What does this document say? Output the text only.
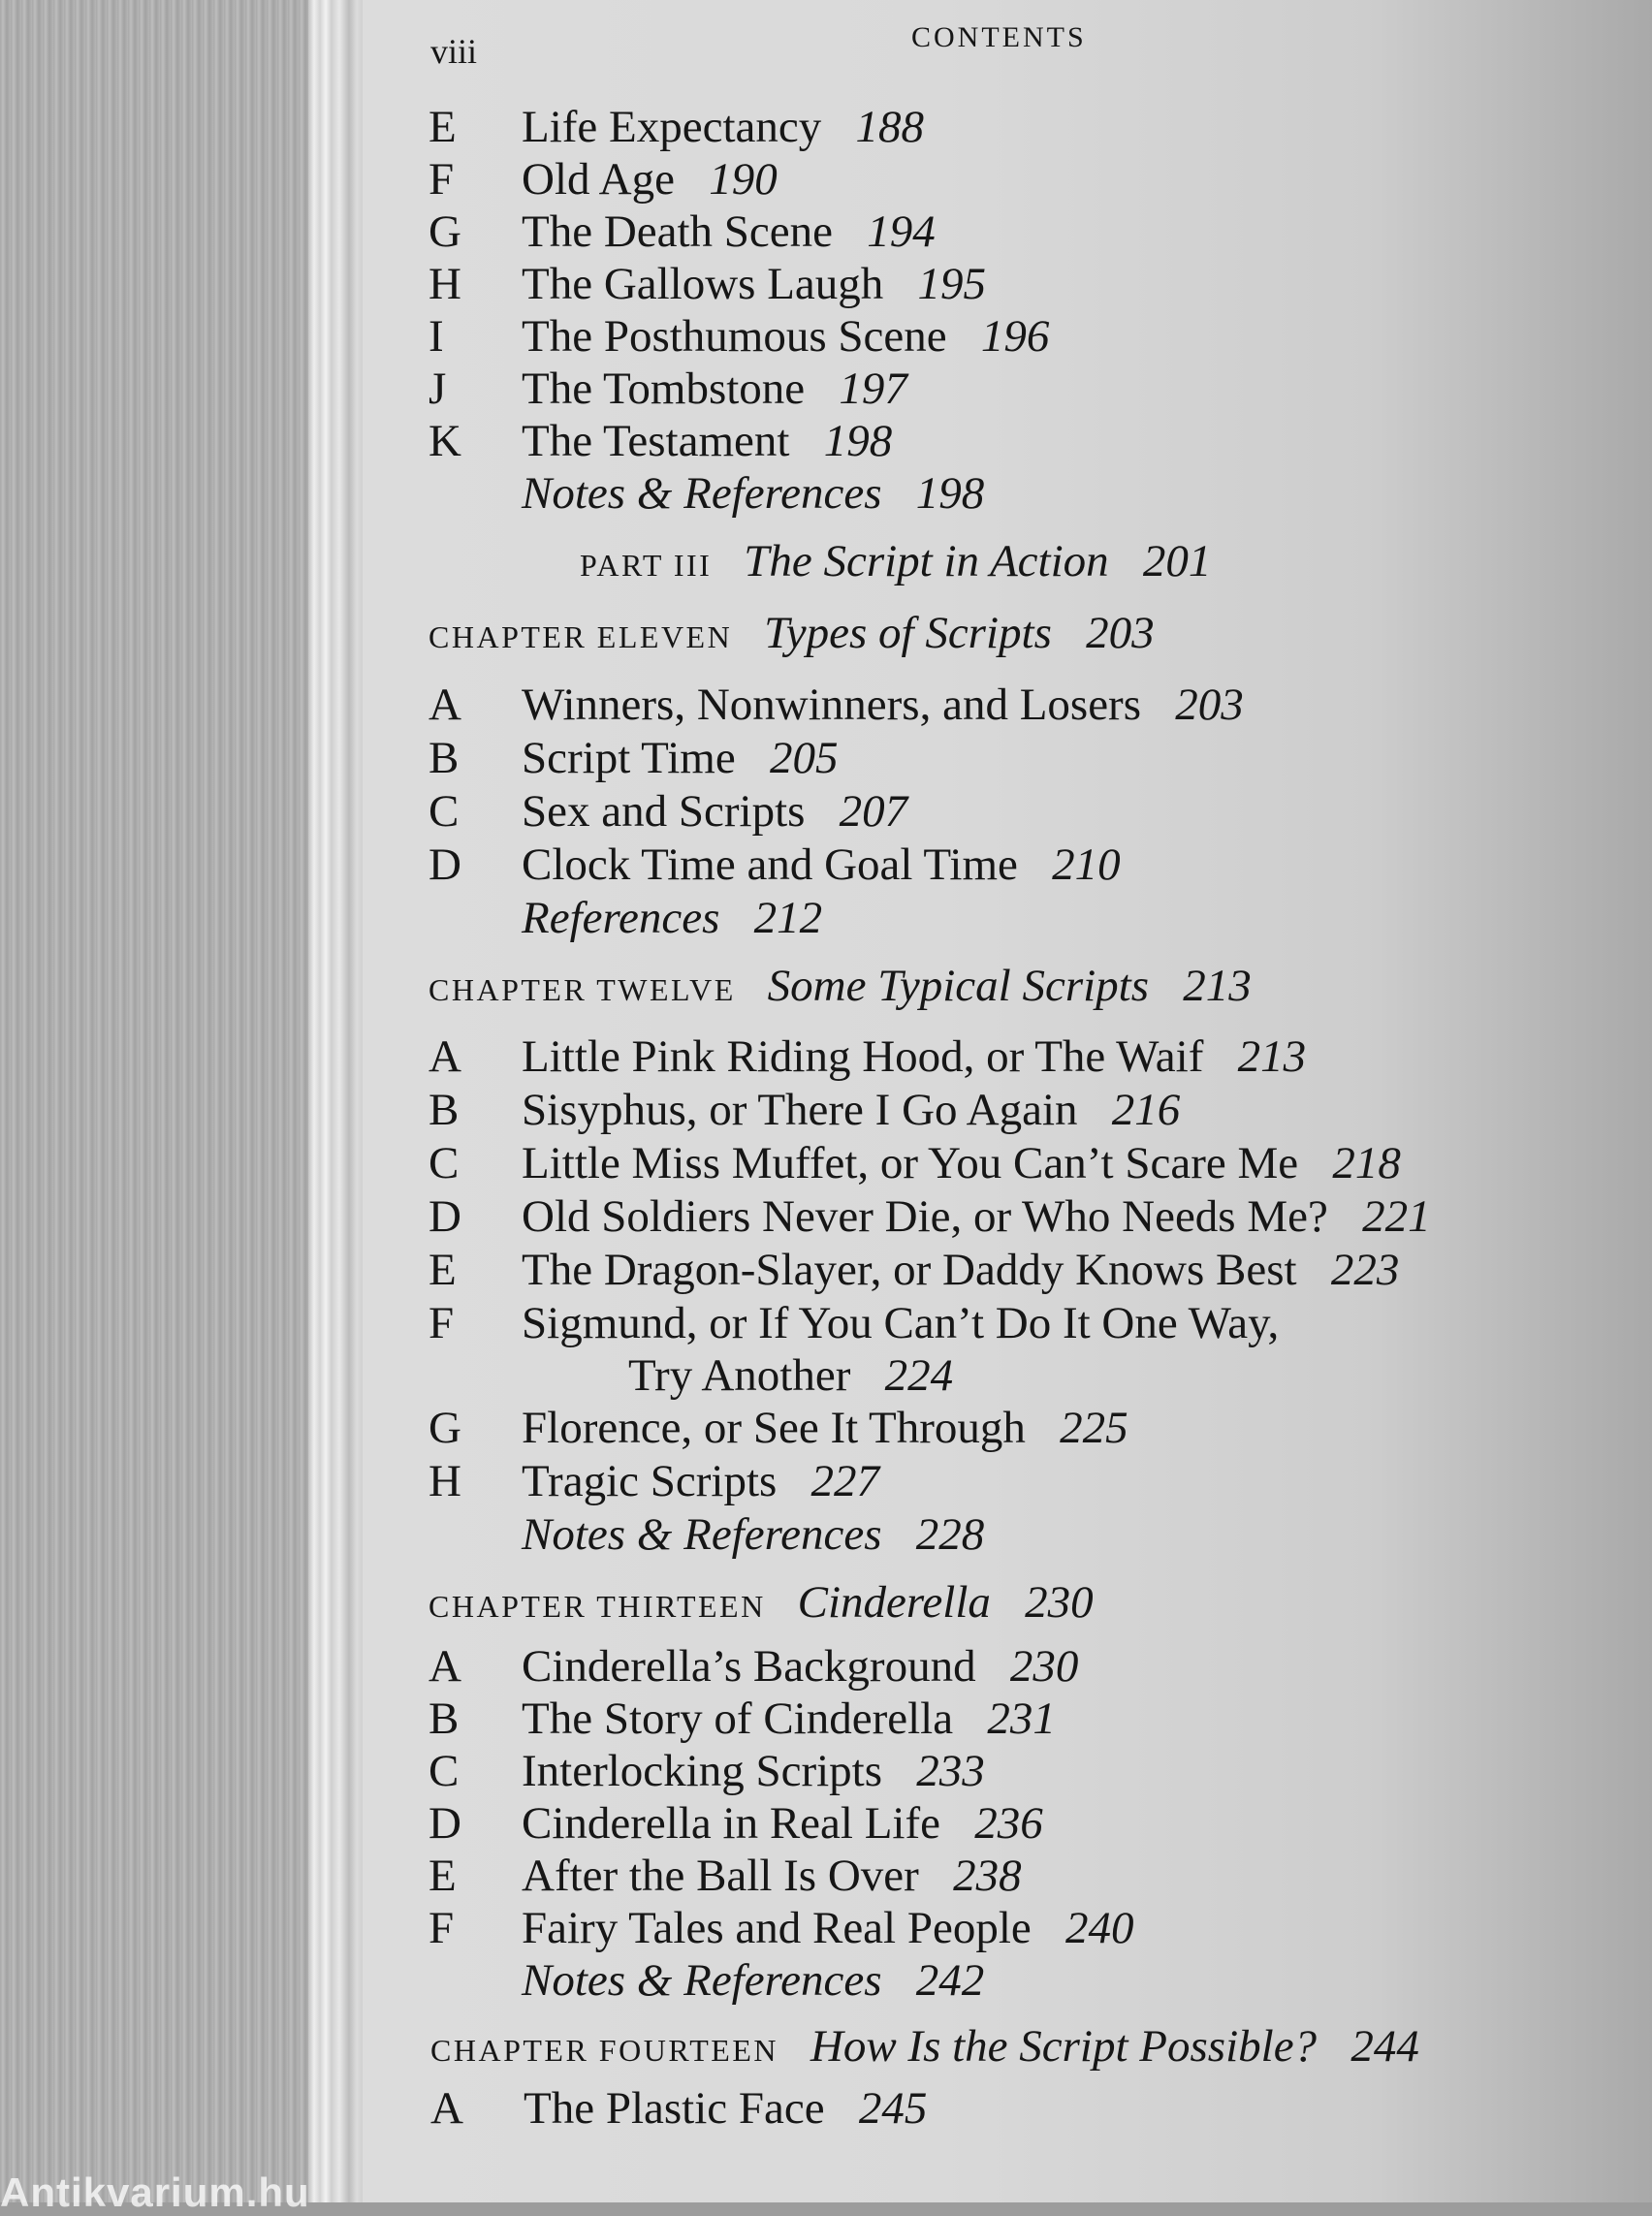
viii	CONTENTS
E Life Expectancy 188
F Old Age 190
G The Death Scene 194
H The Gallows Laugh 195
I The Posthumous Scene 196
J The Tombstone 197
K The Testament 198
Notes & References 198
PART III The Script in Action 201
CHAPTER ELEVEN Types of Scripts 203
A Winners, Nonwinners, and Losers 203
B Script Time 205
C Sex and Scripts 207
D Clock Time and Goal Time 210
References 212
CHAPTER TWELVE Some Typical Scripts 213
A Little Pink Riding Hood, or The Waif 213
B Sisyphus, or There I Go Again 216
C Little Miss Muffet, or You Can’t Scare Me 218
D Old Soldiers Never Die, or Who Needs Me? 221
E The Dragon-Slayer, or Daddy Knows Best 223
F Sigmund, or If You Can’t Do It One Way,
Try Another 224
G Florence, or See It Through 225
H Tragic Scripts 227
Notes & References 228
CHAPTER THIRTEEN Cinderella 230
A Cinderella’s Background 230
B The Story of Cinderella 231
C Interlocking Scripts 233
D Cinderella in Real Life 236
E After the Ball Is Over 238
F Fairy Tales and Real People 240
Notes & References 242
CHAPTER FOURTEEN How Is the Script Possible? 244
A The Plastic Face 245
Antikvarium.hu
